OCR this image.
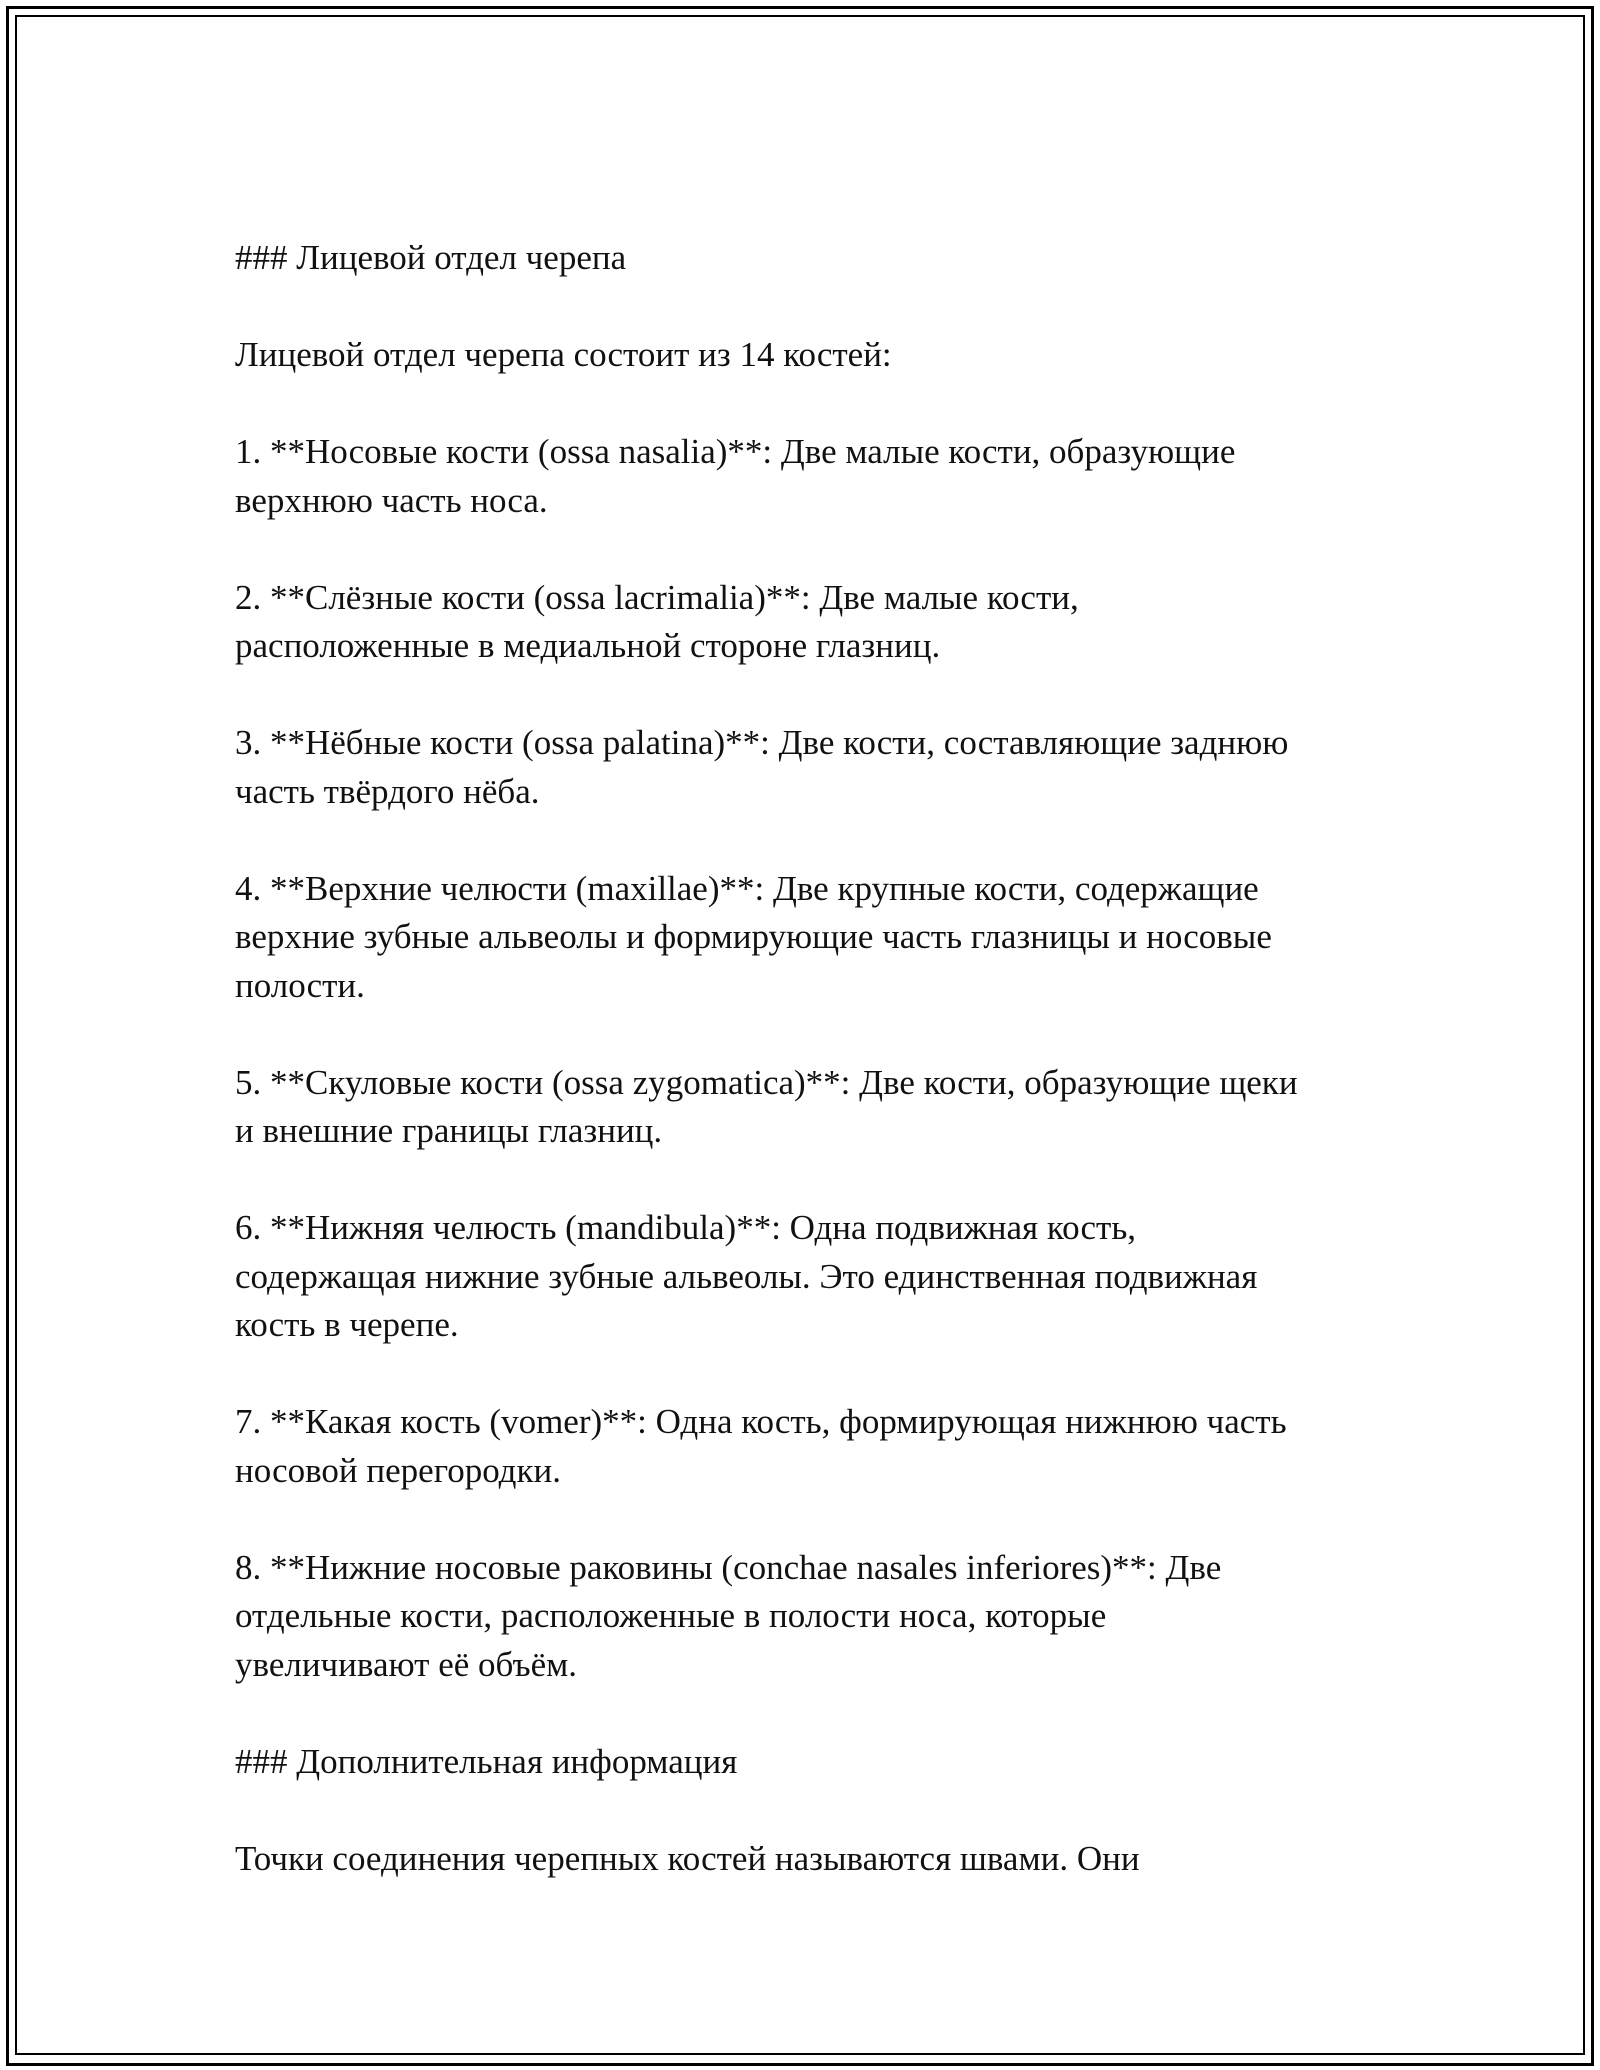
### Лицевой отдел черепа

Лицевой отдел черепа состоит из 14 костей:

1. **Носовые кости (ossa nasalia)**: Две малые кости, образующие
верхнюю часть носа.

2. **Слёзные кости (ossa lacrimalia)**: Две малые кости,
расположенные в медиальной стороне глазниц.

3. **Нёбные кости (ossa palatina)**: Две кости, составляющие заднюю
часть твёрдого нёба.

4. **Верхние челюсти (maxillae)**: Две крупные кости, содержащие
верхние зубные альвеолы и формирующие часть глазницы и носовые
полости.

5. **Скуловые кости (ossa zygomatica)**: Две кости, образующие щеки
и внешние границы глазниц.

6. **Нижняя челюсть (mandibula)**: Одна подвижная кость,
содержащая нижние зубные альвеолы. Это единственная подвижная
кость в черепе.

7. **Какая кость (vomer)**: Одна кость, формирующая нижнюю часть
носовой перегородки.

8. **Нижние носовые раковины (conchae nasales inferiores)**: Две
отдельные кости, расположенные в полости носа, которые
увеличивают её объём.

### Дополнительная информация

Точки соединения черепных костей называются швами. Они
